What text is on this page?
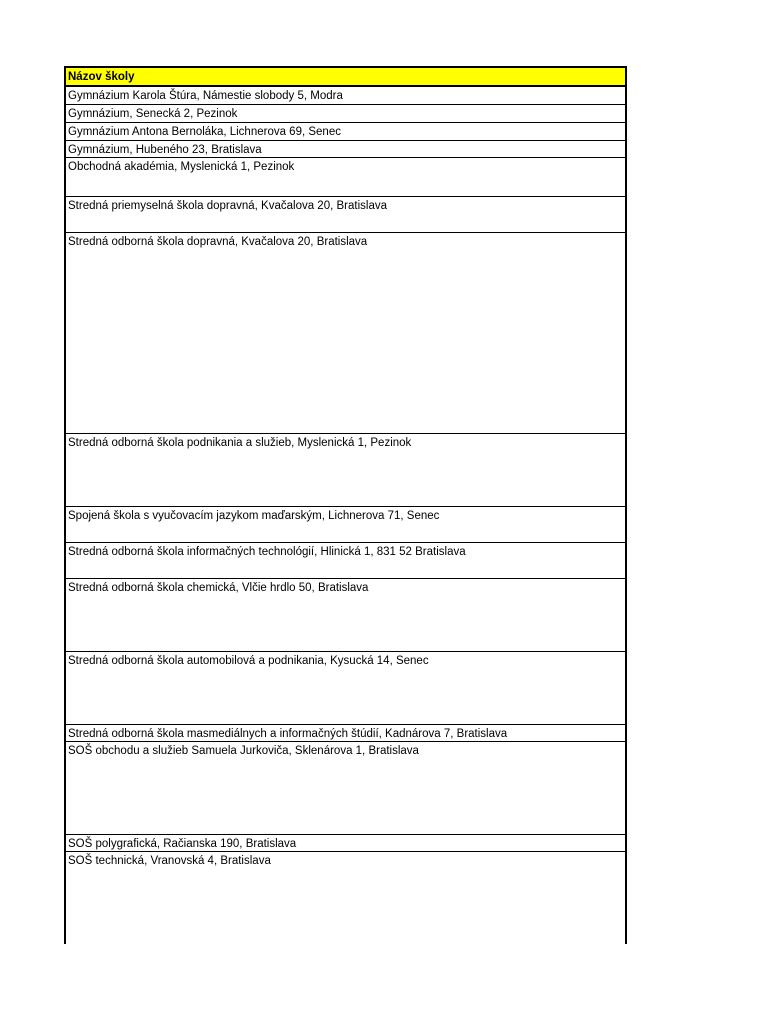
Názov školy
Gymnázium Karola Štúra, Námestie slobody 5, Modra
Gymnázium, Senecká 2, Pezinok
Gymnázium Antona Bernoláka, Lichnerova 69, Senec
Gymnázium, Hubeného 23, Bratislava
Obchodná akadémia, Myslenická 1, Pezinok
Stredná priemyselná škola dopravná, Kvačalova 20, Bratislava
Stredná odborná škola dopravná, Kvačalova 20, Bratislava
Stredná odborná škola podnikania a služieb, Myslenická 1, Pezinok
Spojená škola s vyučovacím jazykom maďarským, Lichnerova 71, Senec
Stredná odborná škola informačných technológií, Hlinická 1, 831 52 Bratislava
Stredná odborná škola chemická, Vlčie hrdlo 50, Bratislava
Stredná odborná škola automobilová a podnikania, Kysucká 14, Senec
Stredná odborná škola masmediálnych a informačných štúdií, Kadnárova 7, Bratislava
SOŠ obchodu a služieb Samuela Jurkoviča, Sklenárova 1, Bratislava
SOŠ polygrafická, Račianska 190, Bratislava
SOŠ technická, Vranovská 4, Bratislava
